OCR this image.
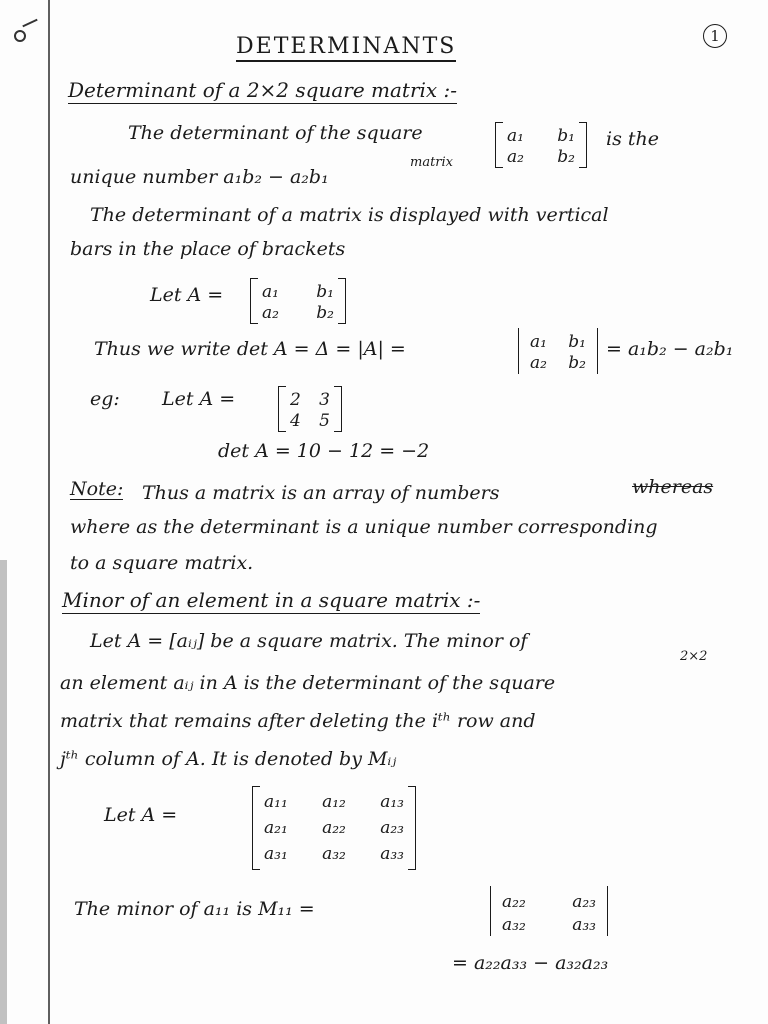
DETERMINANTS	1
Determinant of a 2×2 square matrix :-
The determinant of the square
matrix
a₁ b₁
a₂ b₂
is the
unique number a₁b₂ − a₂b₁
The determinant of a matrix is displayed with vertical
bars in the place of brackets
Let A = a₁ b₁
a₂ b₂
Thus we write det A = Δ = |A| =	a₁ b₁
a₂ b₂
= a₁b₂ − a₂b₁
eg: Let A =	2 3
4 5
det A = 10 − 12 = −2
Note: Thus a matrix is an array of numbers	whereas
where as the determinant is a unique number corresponding
to a square matrix.
Minor of an element in a square matrix :-
Let A = [aᵢⱼ] be a square matrix. The minor of
2×2
an element aᵢⱼ in A is the determinant of the square
matrix that remains after deleting the iᵗʰ row and
jᵗʰ column of A. It is denoted by Mᵢⱼ
Let A =
a₁₁ a₁₂ a₁₃
a₂₁ a₂₂ a₂₃
a₃₁ a₃₂ a₃₃
The minor of a₁₁ is M₁₁ =	a₂₂	a₂₃
a₃₂	a₃₃
= a₂₂a₃₃ − a₃₂a₂₃
